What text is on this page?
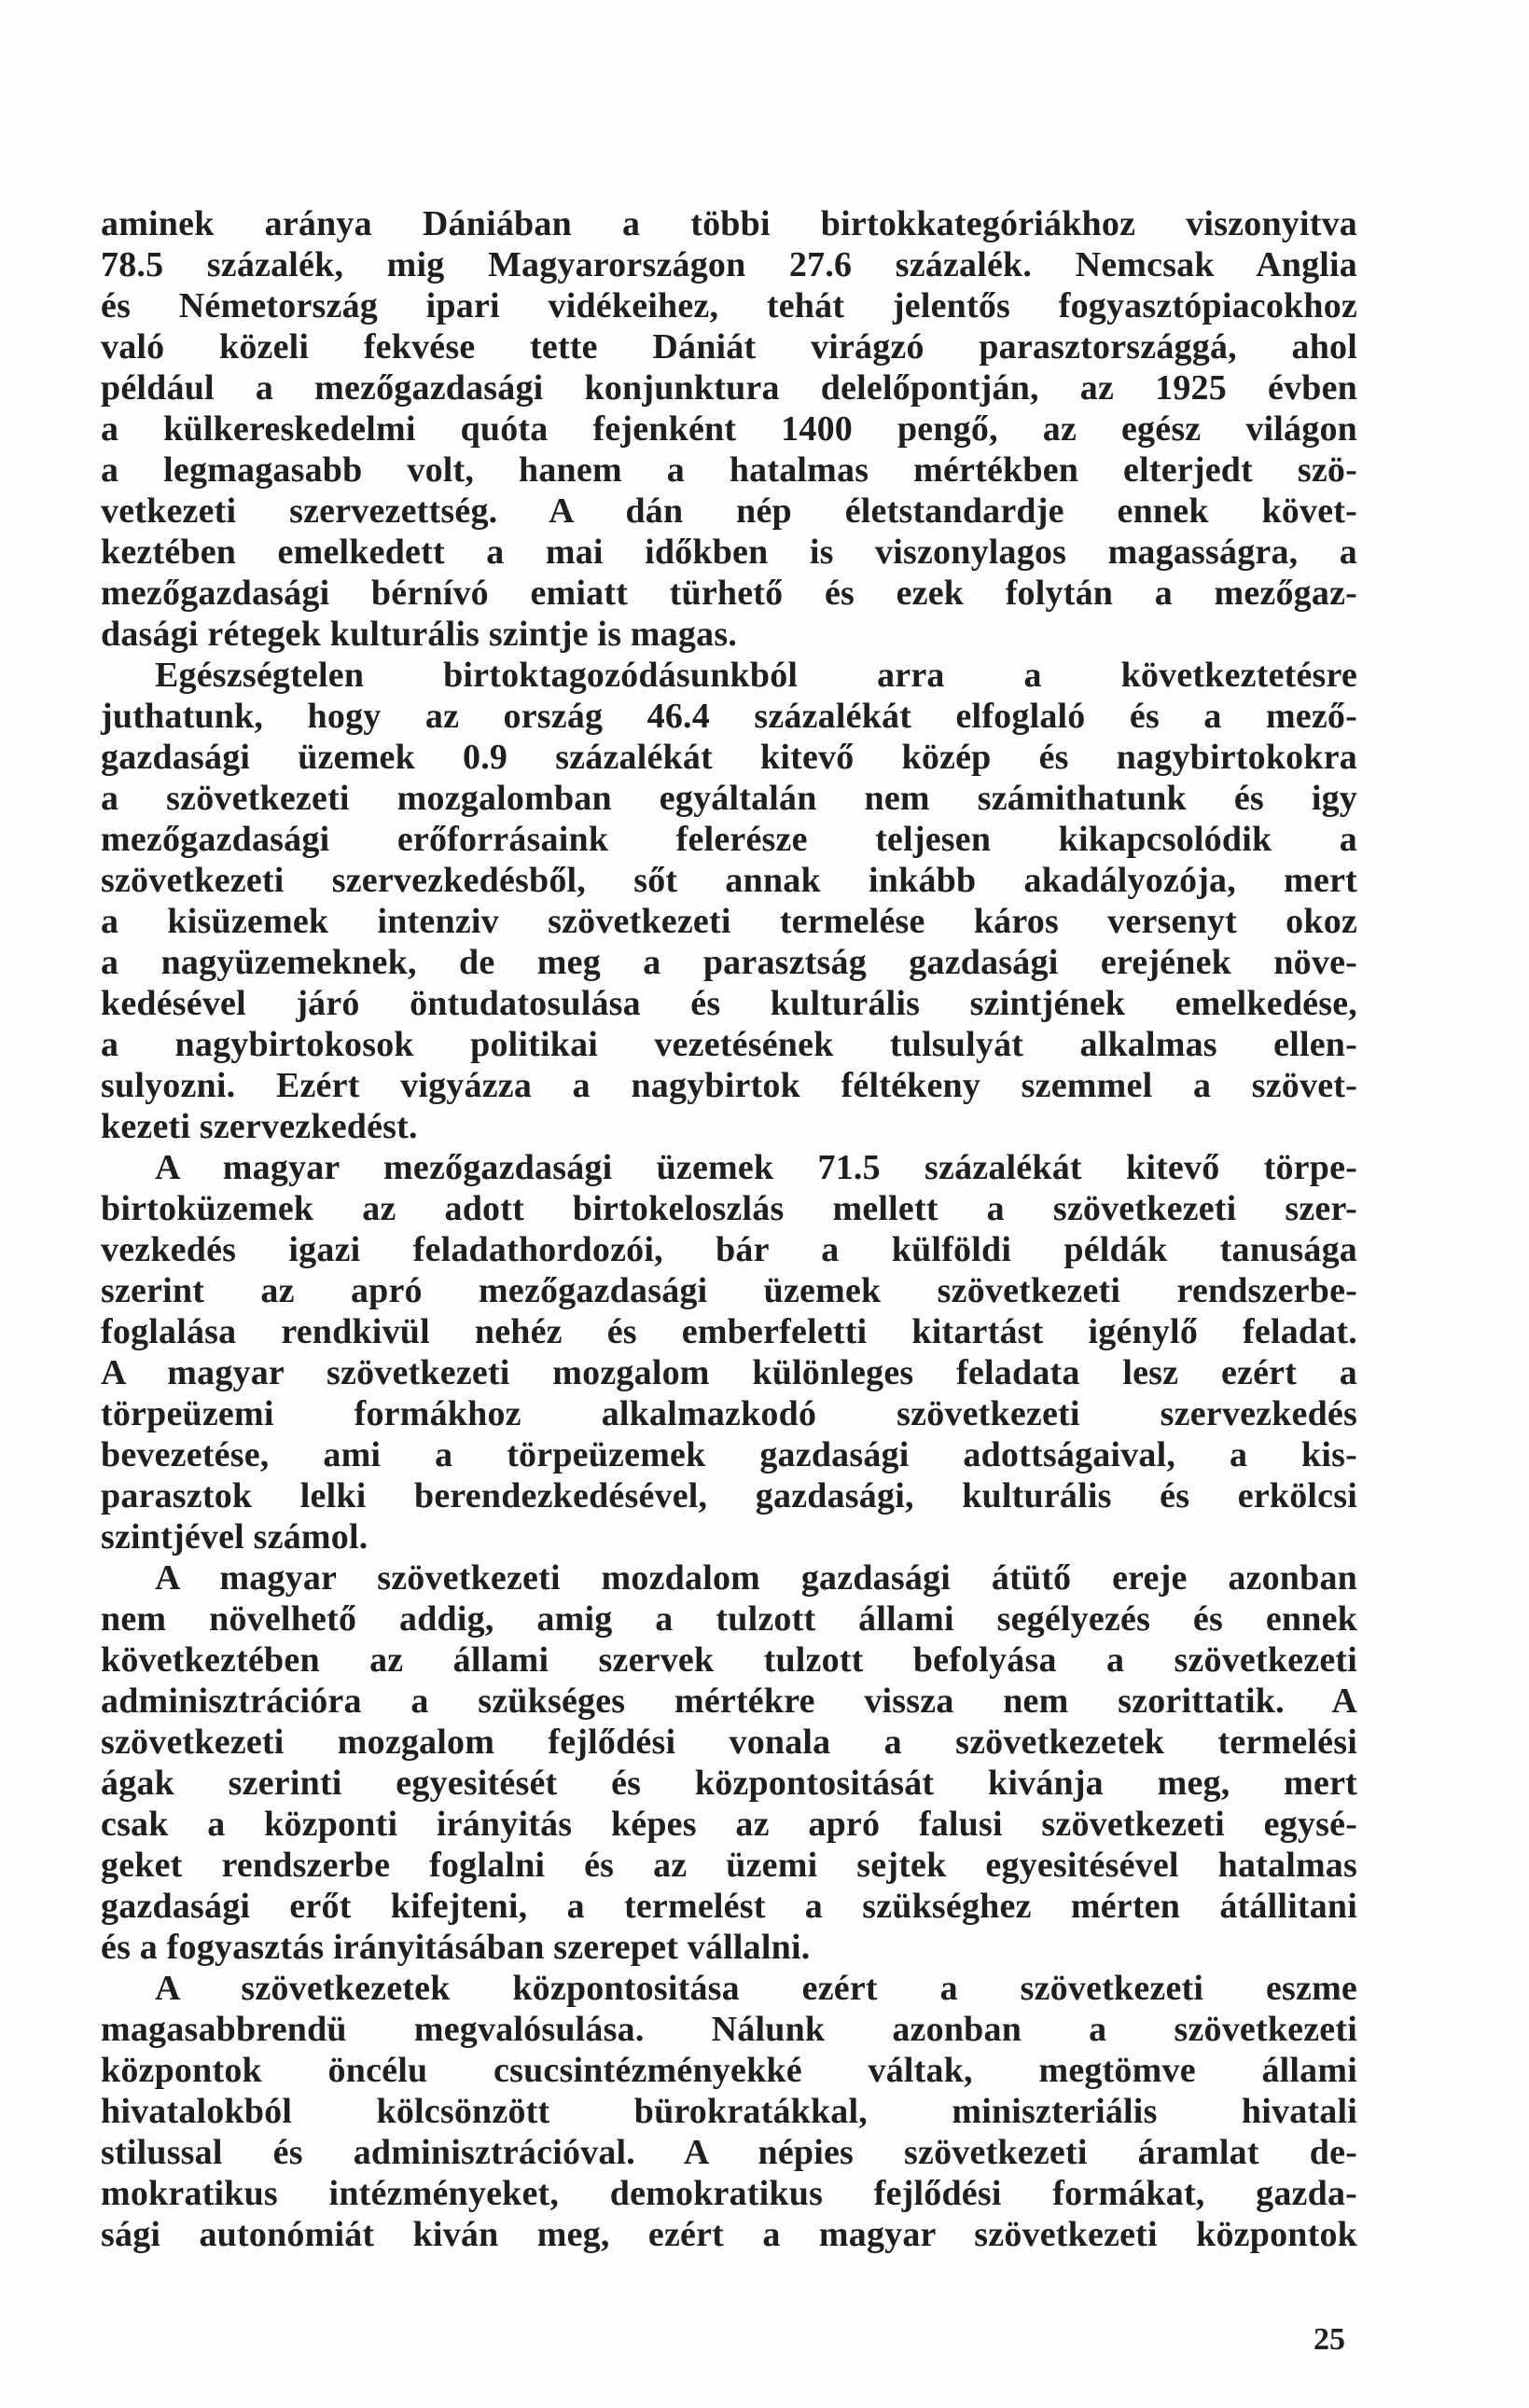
aminek aránya Dániában a többi birtokkategóriákhoz viszonyitva
78.5 százalék, mig Magyarországon 27.6 százalék. Nemcsak Anglia
és Németország ipari vidékeihez, tehát jelentős fogyasztópiacokhoz
való közeli fekvése tette Dániát virágzó parasztországgá, ahol
például a mezőgazdasági konjunktura delelőpontján, az 1925 évben
a külkereskedelmi quóta fejenként 1400 pengő, az egész világon
a legmagasabb volt, hanem a hatalmas mértékben elterjedt szö-
vetkezeti szervezettség. A dán nép életstandardje ennek követ-
keztében emelkedett a mai időkben is viszonylagos magasságra, a
mezőgazdasági bérnívó emiatt türhető és ezek folytán a mezőgaz-
dasági rétegek kulturális szintje is magas.
Egészségtelen birtoktagozódásunkból arra a következtetésre
juthatunk, hogy az ország 46.4 százalékát elfoglaló és a mező-
gazdasági üzemek 0.9 százalékát kitevő közép és nagybirtokokra
a szövetkezeti mozgalomban egyáltalán nem számithatunk és igy
mezőgazdasági erőforrásaink felerésze teljesen kikapcsolódik a
szövetkezeti szervezkedésből, sőt annak inkább akadályozója, mert
a kisüzemek intenziv szövetkezeti termelése káros versenyt okoz
a nagyüzemeknek, de meg a parasztság gazdasági erejének növe-
kedésével járó öntudatosulása és kulturális szintjének emelkedése,
a nagybirtokosok politikai vezetésének tulsulyát alkalmas ellen-
sulyozni. Ezért vigyázza a nagybirtok féltékeny szemmel a szövet-
kezeti szervezkedést.
A magyar mezőgazdasági üzemek 71.5 százalékát kitevő törpe-
birtoküzemek az adott birtokeloszlás mellett a szövetkezeti szer-
vezkedés igazi feladathordozói, bár a külföldi példák tanusága
szerint az apró mezőgazdasági üzemek szövetkezeti rendszerbe-
foglalása rendkivül nehéz és emberfeletti kitartást igénylő feladat.
A magyar szövetkezeti mozgalom különleges feladata lesz ezért a
törpeüzemi formákhoz alkalmazkodó szövetkezeti szervezkedés
bevezetése, ami a törpeüzemek gazdasági adottságaival, a kis-
parasztok lelki berendezkedésével, gazdasági, kulturális és erkölcsi
szintjével számol.
A magyar szövetkezeti mozdalom gazdasági átütő ereje azonban
nem növelhető addig, amig a tulzott állami segélyezés és ennek
következtében az állami szervek tulzott befolyása a szövetkezeti
adminisztrációra a szükséges mértékre vissza nem szorittatik. A
szövetkezeti mozgalom fejlődési vonala a szövetkezetek termelési
ágak szerinti egyesitését és központositását kivánja meg, mert
csak a központi irányitás képes az apró falusi szövetkezeti egysé-
geket rendszerbe foglalni és az üzemi sejtek egyesitésével hatalmas
gazdasági erőt kifejteni, a termelést a szükséghez mérten átállitani
és a fogyasztás irányitásában szerepet vállalni.
A szövetkezetek központositása ezért a szövetkezeti eszme
magasabbrendü megvalósulása. Nálunk azonban a szövetkezeti
központok öncélu csucsintézményekké váltak, megtömve állami
hivatalokból kölcsönzött bürokratákkal, miniszteriális hivatali
stilussal és adminisztrációval. A népies szövetkezeti áramlat de-
mokratikus intézményeket, demokratikus fejlődési formákat, gazda-
sági autonómiát kiván meg, ezért a magyar szövetkezeti központok
25
